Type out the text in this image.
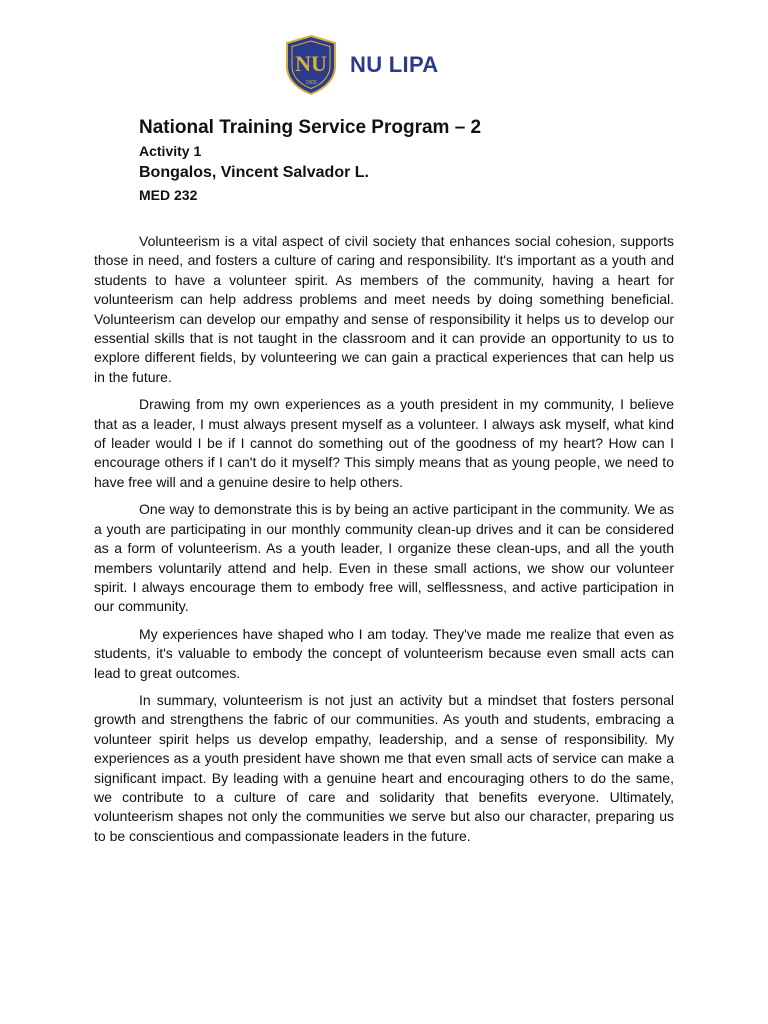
NU
1900
NU LIPA

National Training Service Program – 2

Activity 1

Bongalos, Vincent Salvador L.

MED 232

Volunteerism is a vital aspect of civil society that enhances social cohesion, supports those in need, and fosters a culture of caring and responsibility. It's important as a youth and students to have a volunteer spirit. As members of the community, having a heart for volunteerism can help address problems and meet needs by doing something beneficial. Volunteerism can develop our empathy and sense of responsibility it helps us to develop our essential skills that is not taught in the classroom and it can provide an opportunity to us to explore different fields, by volunteering we can gain a practical experiences that can help us in the future.

Drawing from my own experiences as a youth president in my community, I believe that as a leader, I must always present myself as a volunteer. I always ask myself, what kind of leader would I be if I cannot do something out of the goodness of my heart? How can I encourage others if I can't do it myself? This simply means that as young people, we need to have free will and a genuine desire to help others.

One way to demonstrate this is by being an active participant in the community. We as a youth are participating in our monthly community clean-up drives and it can be considered as a form of volunteerism. As a youth leader, I organize these clean-ups, and all the youth members voluntarily attend and help. Even in these small actions, we show our volunteer spirit. I always encourage them to embody free will, selflessness, and active participation in our community.

My experiences have shaped who I am today. They've made me realize that even as students, it's valuable to embody the concept of volunteerism because even small acts can lead to great outcomes.

In summary, volunteerism is not just an activity but a mindset that fosters personal growth and strengthens the fabric of our communities. As youth and students, embracing a volunteer spirit helps us develop empathy, leadership, and a sense of responsibility. My experiences as a youth president have shown me that even small acts of service can make a significant impact. By leading with a genuine heart and encouraging others to do the same, we contribute to a culture of care and solidarity that benefits everyone. Ultimately, volunteerism shapes not only the communities we serve but also our character, preparing us to be conscientious and compassionate leaders in the future.
